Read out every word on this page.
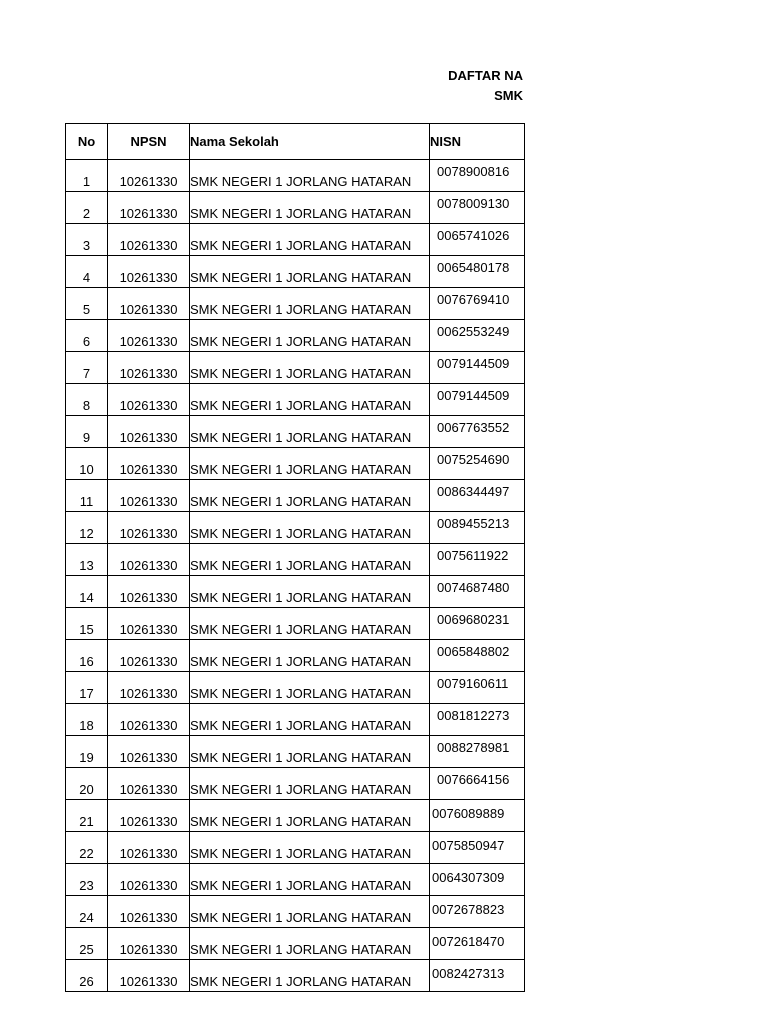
DAFTAR NA
SMK
No	NPSN	Nama Sekolah	NISN
1	10261330	SMK NEGERI 1 JORLANG HATARAN	0078900816

2	10261330	SMK NEGERI 1 JORLANG HATARAN	0078009130

3	10261330	SMK NEGERI 1 JORLANG HATARAN	0065741026

4	10261330	SMK NEGERI 1 JORLANG HATARAN	0065480178

5	10261330	SMK NEGERI 1 JORLANG HATARAN	0076769410

6	10261330	SMK NEGERI 1 JORLANG HATARAN	0062553249

7	10261330	SMK NEGERI 1 JORLANG HATARAN	0079144509

8	10261330	SMK NEGERI 1 JORLANG HATARAN	0079144509

9	10261330	SMK NEGERI 1 JORLANG HATARAN	0067763552

10	10261330	SMK NEGERI 1 JORLANG HATARAN	0075254690

11	10261330	SMK NEGERI 1 JORLANG HATARAN	0086344497

12	10261330	SMK NEGERI 1 JORLANG HATARAN	0089455213

13	10261330	SMK NEGERI 1 JORLANG HATARAN	0075611922

14	10261330	SMK NEGERI 1 JORLANG HATARAN	0074687480

15	10261330	SMK NEGERI 1 JORLANG HATARAN	0069680231

16	10261330	SMK NEGERI 1 JORLANG HATARAN	0065848802

17	10261330	SMK NEGERI 1 JORLANG HATARAN	0079160611

18	10261330	SMK NEGERI 1 JORLANG HATARAN	0081812273

19	10261330	SMK NEGERI 1 JORLANG HATARAN	0088278981

20	10261330	SMK NEGERI 1 JORLANG HATARAN	0076664156

21	10261330	SMK NEGERI 1 JORLANG HATARAN	0076089889

22	10261330	SMK NEGERI 1 JORLANG HATARAN	0075850947

23	10261330	SMK NEGERI 1 JORLANG HATARAN	0064307309

24	10261330	SMK NEGERI 1 JORLANG HATARAN	0072678823

25	10261330	SMK NEGERI 1 JORLANG HATARAN	0072618470

26	10261330	SMK NEGERI 1 JORLANG HATARAN	0082427313
